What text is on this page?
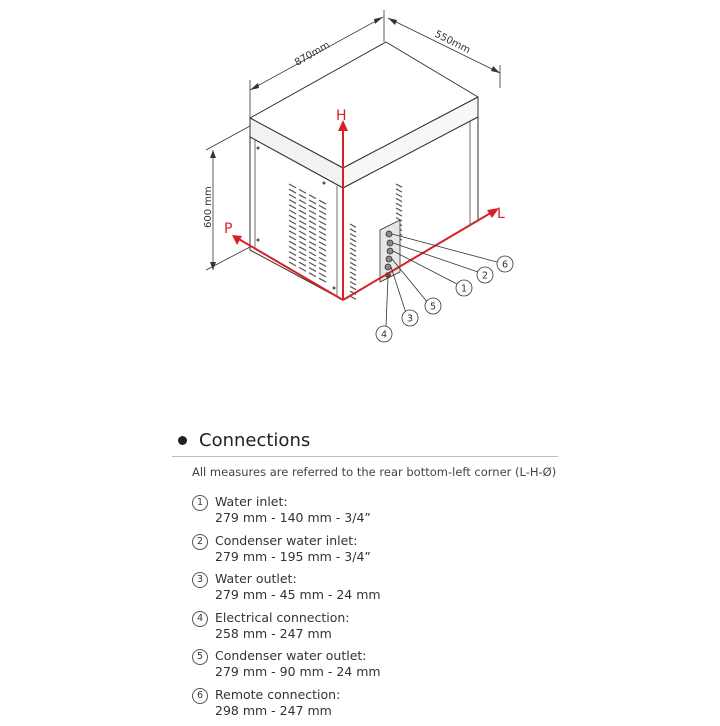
870mm	550mm
600 mm
H
L
P
6
2
1
5
3
4
Connections
All measures are referred to the rear bottom-left corner (L-H-Ø)
1 Water inlet:
279 mm - 140 mm - 3/4”
2 Condenser water inlet:
279 mm - 195 mm - 3/4”
3 Water outlet:
279 mm - 45 mm - 24 mm
4 Electrical connection:
258 mm - 247 mm
5 Condenser water outlet:
279 mm - 90 mm - 24 mm
6 Remote connection:
298 mm - 247 mm
